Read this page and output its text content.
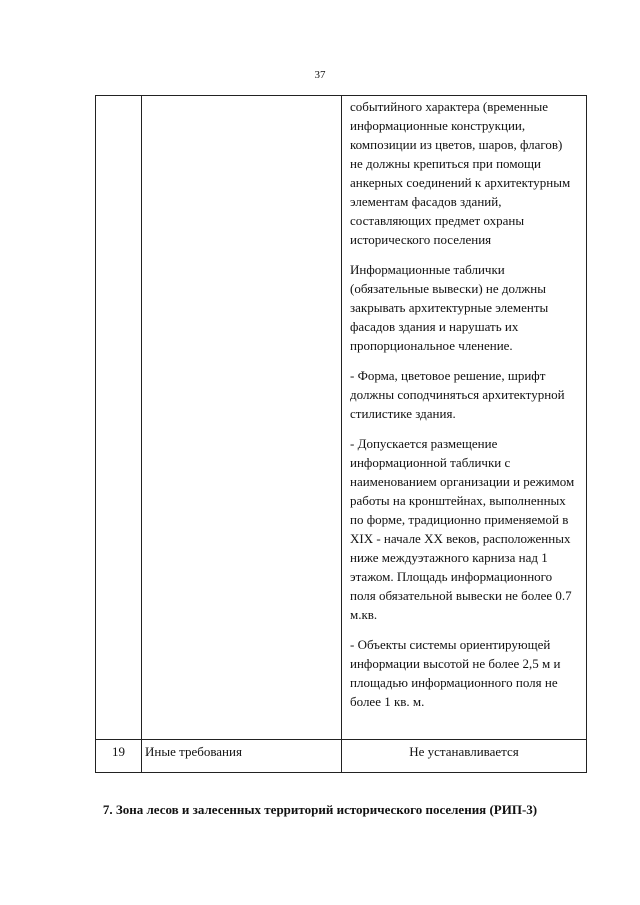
37

		событийного характера (временные информационные конструкции, композиции из цветов, шаров, флагов) не должны крепиться при помощи анкерных соединений к архитектурным элементам фасадов зданий, составляющих предмет охраны исторического поселения

Информационные таблички (обязательные вывески) не должны закрывать архитектурные элементы фасадов здания и нарушать их пропорциональное членение.

- Форма, цветовое решение, шрифт должны соподчиняться архитектурной стилистике здания.

- Допускается размещение информационной таблички с наименованием организации и режимом работы на кронштейнах, выполненных по форме, традиционно применяемой в XIX - начале XX веков, расположенных ниже междуэтажного карниза над 1 этажом. Площадь информационного поля обязательной вывески не более 0.7 м.кв.

- Объекты системы ориентирующей информации высотой не более 2,5 м и площадью информационного поля не более 1 кв. м.

19	Иные требования	Не устанавливается
7. Зона лесов и залесенных территорий исторического поселения (РИП-3)
